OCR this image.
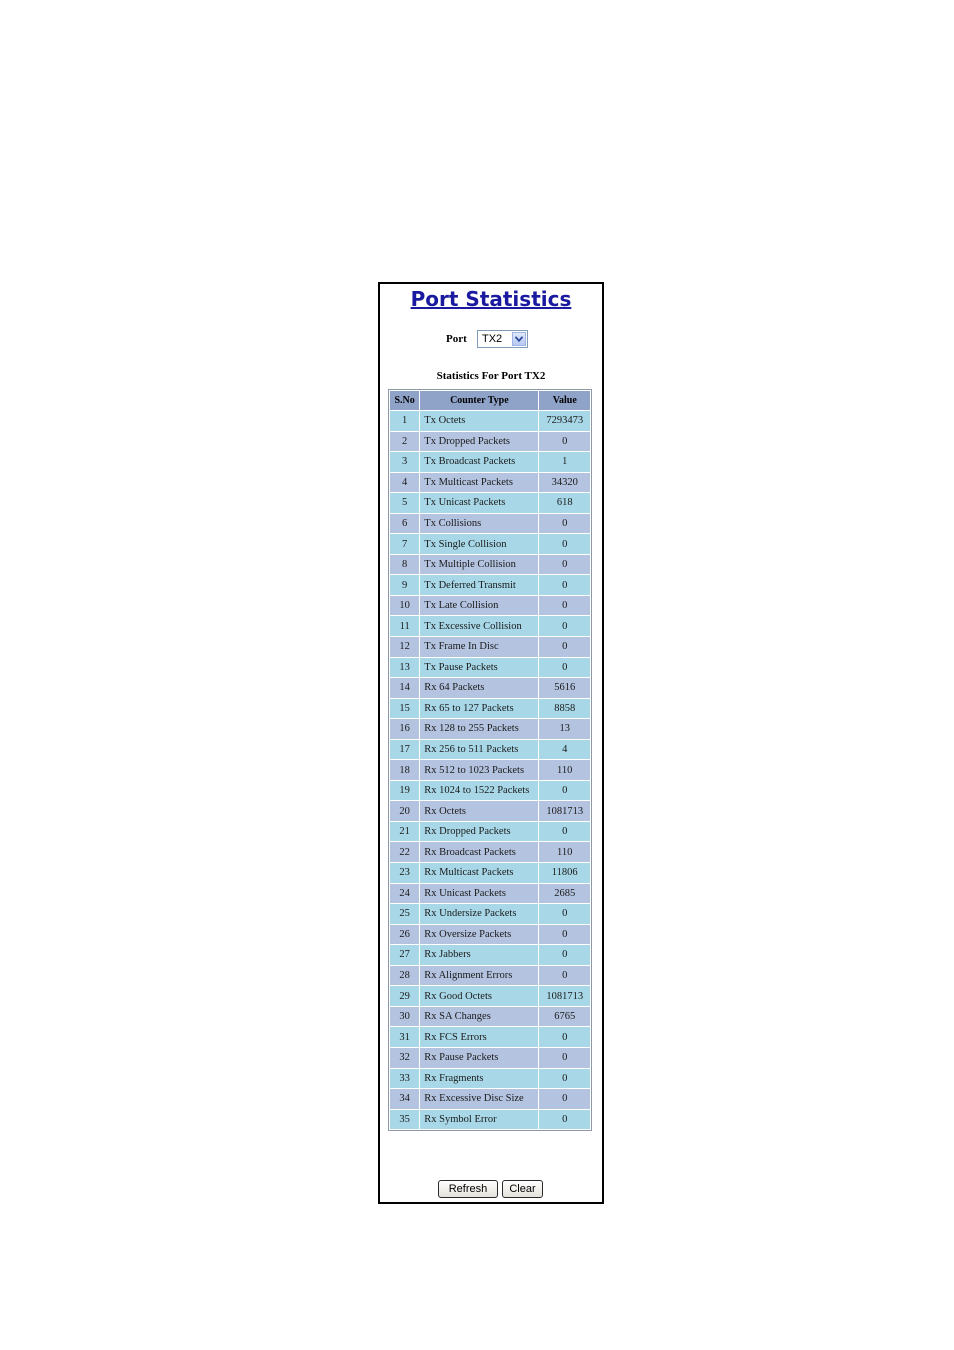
Port Statistics
Port TX2
Statistics For Port TX2
S.No	Counter Type	Value
1	Tx Octets	7293473
2	Tx Dropped Packets	0
3	Tx Broadcast Packets	1
4	Tx Multicast Packets	34320
5	Tx Unicast Packets	618
6	Tx Collisions	0
7	Tx Single Collision	0
8	Tx Multiple Collision	0
9	Tx Deferred Transmit	0
10	Tx Late Collision	0
11	Tx Excessive Collision	0
12	Tx Frame In Disc	0
13	Tx Pause Packets	0
14	Rx 64 Packets	5616
15	Rx 65 to 127 Packets	8858
16	Rx 128 to 255 Packets	13
17	Rx 256 to 511 Packets	4
18	Rx 512 to 1023 Packets	110
19	Rx 1024 to 1522 Packets	0
20	Rx Octets	1081713
21	Rx Dropped Packets	0
22	Rx Broadcast Packets	110
23	Rx Multicast Packets	11806
24	Rx Unicast Packets	2685
25	Rx Undersize Packets	0
26	Rx Oversize Packets	0
27	Rx Jabbers	0
28	Rx Alignment Errors	0
29	Rx Good Octets	1081713
30	Rx SA Changes	6765
31	Rx FCS Errors	0
32	Rx Pause Packets	0
33	Rx Fragments	0
34	Rx Excessive Disc Size	0
35	Rx Symbol Error	0
Refresh	Clear
